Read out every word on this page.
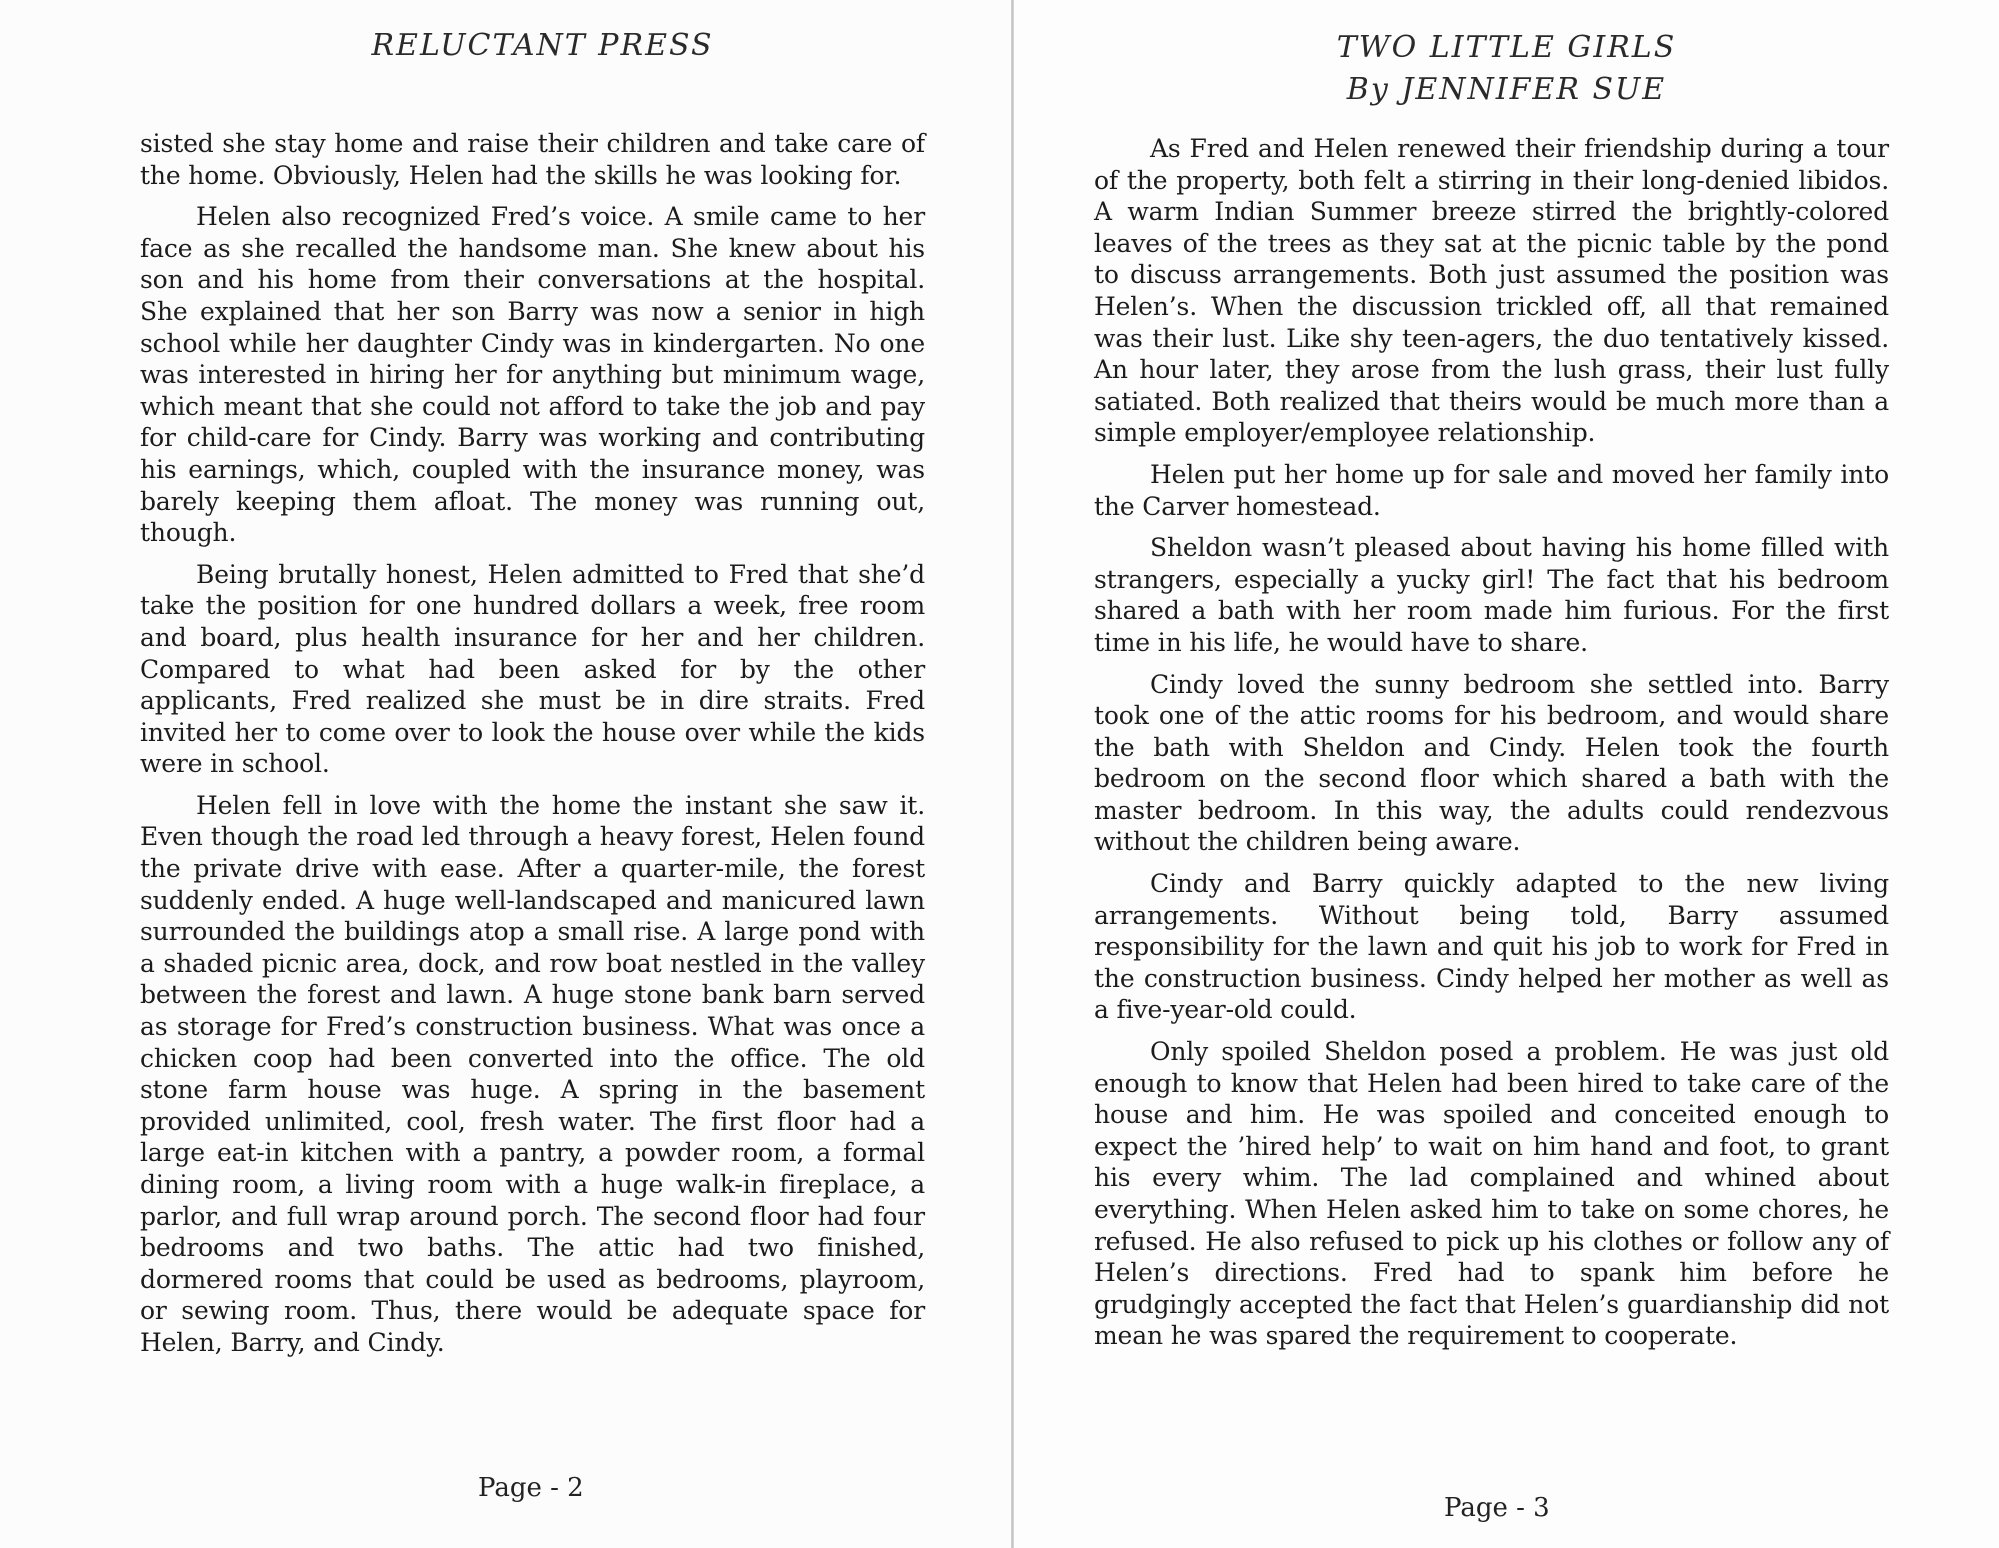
RELUCTANT PRESS

sisted she stay home and raise their children and take care of the home. Obviously, Helen had the skills he was looking for.

Helen also recognized Fred’s voice. A smile came to her face as she recalled the handsome man. She knew about his son and his home from their conversations at the hospital. She explained that her son Barry was now a senior in high school while her daughter Cindy was in kindergarten. No one was interested in hiring her for anything but minimum wage, which meant that she could not afford to take the job and pay for child-care for Cindy. Barry was working and contributing his earnings, which, coupled with the insurance money, was barely keeping them afloat. The money was running out, though.

Being brutally honest, Helen admitted to Fred that she’d take the position for one hundred dollars a week, free room and board, plus health insurance for her and her children. Compared to what had been asked for by the other applicants, Fred realized she must be in dire straits. Fred invited her to come over to look the house over while the kids were in school.

Helen fell in love with the home the instant she saw it. Even though the road led through a heavy forest, Helen found the private drive with ease. After a quarter-mile, the forest suddenly ended. A huge well-landscaped and manicured lawn surrounded the buildings atop a small rise. A large pond with a shaded picnic area, dock, and row boat nestled in the valley between the forest and lawn. A huge stone bank barn served as storage for Fred’s construction business. What was once a chicken coop had been converted into the office. The old stone farm house was huge. A spring in the basement provided unlimited, cool, fresh water. The first floor had a large eat-in kitchen with a pantry, a powder room, a formal dining room, a living room with a huge walk-in fireplace, a parlor, and full wrap around porch. The second floor had four bedrooms and two baths. The attic had two finished, dormered rooms that could be used as bedrooms, playroom, or sewing room. Thus, there would be adequate space for Helen, Barry, and Cindy.

Page - 2
TWO LITTLE GIRLS
By JENNIFER SUE

As Fred and Helen renewed their friendship during a tour of the property, both felt a stirring in their long-denied libidos. A warm Indian Summer breeze stirred the brightly-colored leaves of the trees as they sat at the picnic table by the pond to discuss arrangements. Both just assumed the position was Helen’s. When the discussion trickled off, all that remained was their lust. Like shy teen-agers, the duo tentatively kissed. An hour later, they arose from the lush grass, their lust fully satiated. Both realized that theirs would be much more than a simple employer/employee relationship.

Helen put her home up for sale and moved her family into the Carver homestead.

Sheldon wasn’t pleased about having his home filled with strangers, especially a yucky girl! The fact that his bedroom shared a bath with her room made him furious. For the first time in his life, he would have to share.

Cindy loved the sunny bedroom she settled into. Barry took one of the attic rooms for his bedroom, and would share the bath with Sheldon and Cindy. Helen took the fourth bedroom on the second floor which shared a bath with the master bedroom. In this way, the adults could rendezvous without the children being aware.

Cindy and Barry quickly adapted to the new living arrangements. Without being told, Barry assumed responsibility for the lawn and quit his job to work for Fred in the construction business. Cindy helped her mother as well as a five-year-old could.

Only spoiled Sheldon posed a problem. He was just old enough to know that Helen had been hired to take care of the house and him. He was spoiled and conceited enough to expect the ’hired help’ to wait on him hand and foot, to grant his every whim. The lad complained and whined about everything. When Helen asked him to take on some chores, he refused. He also refused to pick up his clothes or follow any of Helen’s directions. Fred had to spank him before he grudgingly accepted the fact that Helen’s guardianship did not mean he was spared the requirement to cooperate.

Page - 3
